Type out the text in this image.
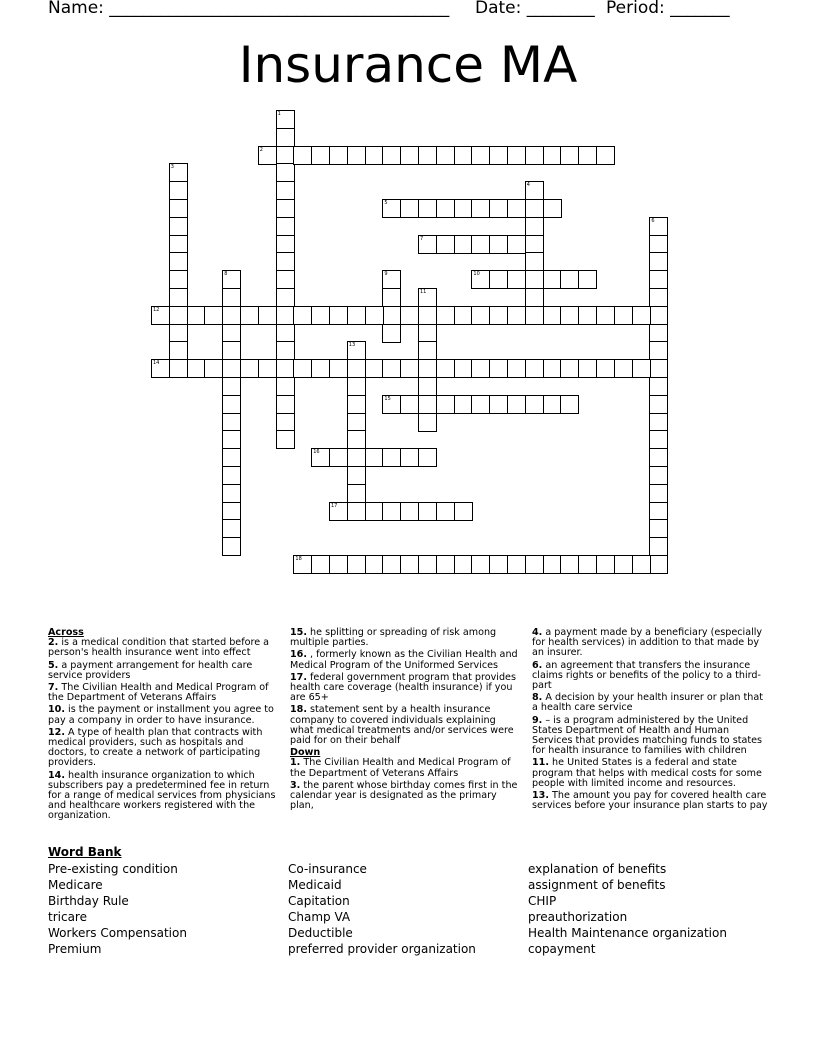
Name: ________________________________________ Date: ________ Period: _______
Insurance MA
1
2
3
4
5
6
7
8	9	10
11
12
13
14
15
16
17
18
Across
2. is a medical condition that started before a person's health insurance went into effect
5. a payment arrangement for health care service providers
7. The Civilian Health and Medical Program of the Department of Veterans Affairs
10. is the payment or installment you agree to pay a company in order to have insurance.
12. A type of health plan that contracts with medical providers, such as hospitals and doctors, to create a network of participating providers.
14. health insurance organization to which subscribers pay a predetermined fee in return for a range of medical services from physicians and healthcare workers registered with the organization.
15. he splitting or spreading of risk among multiple parties.
16. , formerly known as the Civilian Health and Medical Program of the Uniformed Services
17. federal government program that provides health care coverage (health insurance) if you are 65+
18. statement sent by a health insurance company to covered individuals explaining what medical treatments and/or services were paid for on their behalf
Down
1. The Civilian Health and Medical Program of the Department of Veterans Affairs
3. the parent whose birthday comes first in the calendar year is designated as the primary plan,
4. a payment made by a beneficiary (especially for health services) in addition to that made by an insurer.
6. an agreement that transfers the insurance claims rights or benefits of the policy to a third-part
8. A decision by your health insurer or plan that a health care service
9. – is a program administered by the United States Department of Health and Human Services that provides matching funds to states for health insurance to families with children
11. he United States is a federal and state program that helps with medical costs for some people with limited income and resources.
13. The amount you pay for covered health care services before your insurance plan starts to pay
Word Bank
Pre-existing condition
Medicare
Birthday Rule
tricare
Workers Compensation
Premium
Co-insurance
Medicaid
Capitation
Champ VA
Deductible
preferred provider organization
explanation of benefits
assignment of benefits
CHIP
preauthorization
Health Maintenance organization
copayment
